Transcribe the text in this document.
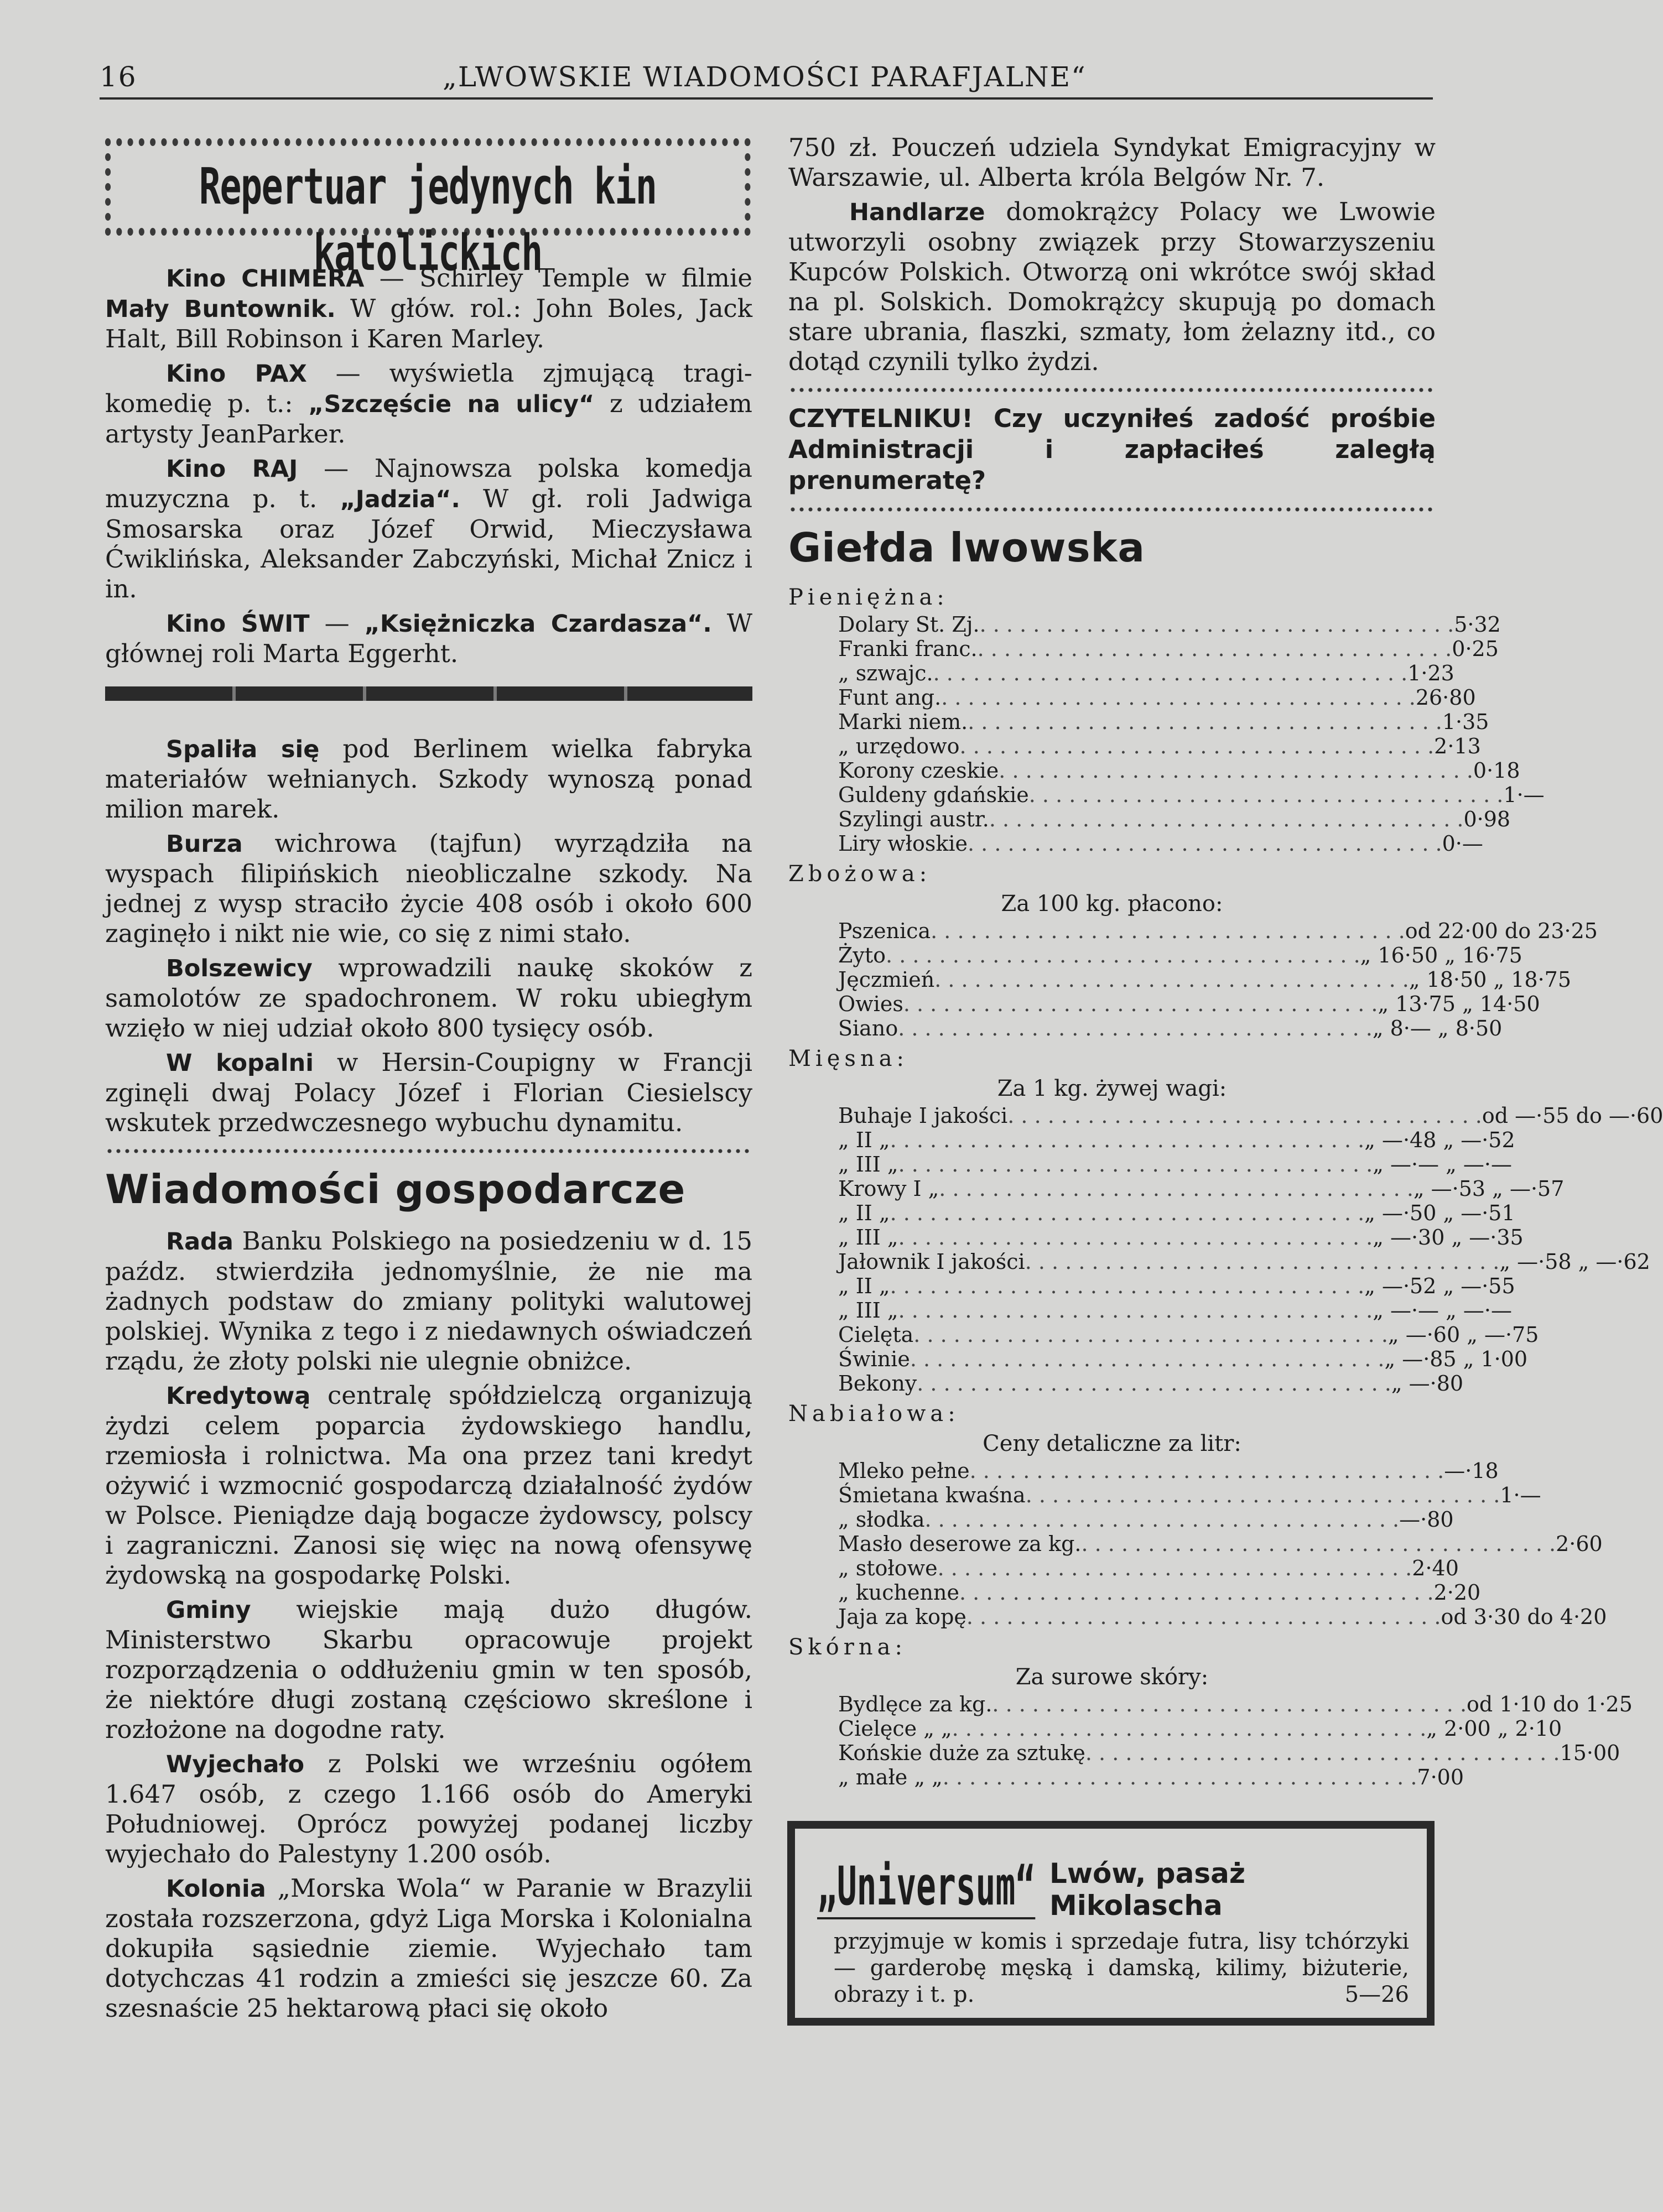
16	„LWOWSKIE WIADOMOŚCI PARAFJALNE“
Repertuar jedynych kin katolickich

Kino CHIMERA — Schirley Temple w filmie Mały Buntownik. W głów. rol.: John Boles, Jack Halt, Bill Robinson i Karen Marley.

Kino PAX — wyświetla zjmującą tragi-komedię p. t.: „Szczęście na ulicy“ z udziałem artysty JeanParker.

Kino RAJ — Najnowsza polska komedja muzyczna p. t. „Jadzia“. W gł. roli Jadwiga Smosarska oraz Józef Orwid, Mieczysława Ćwiklińska, Aleksander Zabczyński, Michał Znicz i in.

Kino ŚWIT — „Księżniczka Czardasza“. W głównej roli Marta Eggerht.

Spaliła się pod Berlinem wielka fabryka materiałów wełnianych. Szkody wynoszą ponad milion marek.

Burza wichrowa (tajfun) wyrządziła na wyspach filipińskich nieobliczalne szkody. Na jednej z wysp straciło życie 408 osób i około 600 zaginęło i nikt nie wie, co się z nimi stało.

Bolszewicy wprowadzili naukę skoków z samolotów ze spadochronem. W roku ubiegłym wzięło w niej udział około 800 tysięcy osób.

W kopalni w Hersin-Coupigny w Francji zginęli dwaj Polacy Józef i Florian Ciesielscy wskutek przedwczesnego wybuchu dynamitu.

Wiadomości gospodarcze

Rada Banku Polskiego na posiedzeniu w d. 15 paźdz. stwierdziła jednomyślnie, że nie ma żadnych podstaw do zmiany polityki walutowej polskiej. Wynika z tego i z niedawnych oświadczeń rządu, że złoty polski nie ulegnie obniżce.

Kredytową centralę spółdzielczą organizują żydzi celem poparcia żydowskiego handlu, rzemiosła i rolnictwa. Ma ona przez tani kredyt ożywić i wzmocnić gospodarczą działalność żydów w Polsce. Pieniądze dają bogacze żydowscy, polscy i zagraniczni. Zanosi się więc na nową ofensywę żydowską na gospodarkę Polski.

Gminy wiejskie mają dużo długów. Ministerstwo Skarbu opracowuje projekt rozporządzenia o oddłużeniu gmin w ten sposób, że niektóre długi zostaną częściowo skreślone i rozłożone na dogodne raty.

Wyjechało z Polski we wrześniu ogółem 1.647 osób, z czego 1.166 osób do Ameryki Południowej. Oprócz powyżej podanej liczby wyjechało do Palestyny 1.200 osób.

Kolonia „Morska Wola“ w Paranie w Brazylii została rozszerzona, gdyż Liga Morska i Kolonialna dokupiła sąsiednie ziemie. Wyjechało tam dotychczas 41 rodzin a zmieści się jeszcze 60. Za szesnaście 25 hektarową płaci się około

750 zł. Pouczeń udziela Syndykat Emigracyjny w Warszawie, ul. Alberta króla Belgów Nr. 7.

Handlarze domokrążcy Polacy we Lwowie utworzyli osobny związek przy Stowarzyszeniu Kupców Polskich. Otworzą oni wkrótce swój skład na pl. Solskich. Domokrążcy skupują po domach stare ubrania, flaszki, szmaty, łom żelazny itd., co dotąd czynili tylko żydzi.

CZYTELNIKU! Czy uczyniłeś zadość prośbie Administracji i zapłaciłeś zaległą prenumeratę?

Giełda lwowska
Pieniężna:
Dolary St. Zj. . . . . . . . . . . . . . . . . . . . . . . . . . . . . . . . . . . . . 5·32
Franki franc. . . . . . . . . . . . . . . . . . . . . . . . . . . . . . . . . . . . . 0·25
„ szwajc. . . . . . . . . . . . . . . . . . . . . . . . . . . . . . . . . . . . . 1·23
Funt ang. . . . . . . . . . . . . . . . . . . . . . . . . . . . . . . . . . . . . 26·80
Marki niem. . . . . . . . . . . . . . . . . . . . . . . . . . . . . . . . . . . . . 1·35
„ urzędowo . . . . . . . . . . . . . . . . . . . . . . . . . . . . . . . . . . . . 2·13
Korony czeskie . . . . . . . . . . . . . . . . . . . . . . . . . . . . . . . . . . . . 0·18
Guldeny gdańskie . . . . . . . . . . . . . . . . . . . . . . . . . . . . . . . . . . . . 1·—
Szylingi austr. . . . . . . . . . . . . . . . . . . . . . . . . . . . . . . . . . . . . 0·98
Liry włoskie . . . . . . . . . . . . . . . . . . . . . . . . . . . . . . . . . . . . 0·—
Zbożowa:
Za 100 kg. płacono:
Pszenica . . . . . . . . . . . . . . . . . . . . . . . . . . . . . . . . . . . . od 22·00 do 23·25
Żyto . . . . . . . . . . . . . . . . . . . . . . . . . . . . . . . . . . . . „ 16·50 „ 16·75
Jęczmień . . . . . . . . . . . . . . . . . . . . . . . . . . . . . . . . . . . . „ 18·50 „ 18·75
Owies . . . . . . . . . . . . . . . . . . . . . . . . . . . . . . . . . . . . „ 13·75 „ 14·50
Siano . . . . . . . . . . . . . . . . . . . . . . . . . . . . . . . . . . . . „ 8·— „ 8·50
Mięsna:
Za 1 kg. żywej wagi:
Buhaje I jakości . . . . . . . . . . . . . . . . . . . . . . . . . . . . . . . . . . . . od —·55 do —·60
„ II „ . . . . . . . . . . . . . . . . . . . . . . . . . . . . . . . . . . . . „ —·48 „ —·52
„ III „ . . . . . . . . . . . . . . . . . . . . . . . . . . . . . . . . . . . . „ —·— „ —·—
Krowy I „ . . . . . . . . . . . . . . . . . . . . . . . . . . . . . . . . . . . . „ —·53 „ —·57
„ II „ . . . . . . . . . . . . . . . . . . . . . . . . . . . . . . . . . . . . „ —·50 „ —·51
„ III „ . . . . . . . . . . . . . . . . . . . . . . . . . . . . . . . . . . . . „ —·30 „ —·35
Jałownik I jakości . . . . . . . . . . . . . . . . . . . . . . . . . . . . . . . . . . . . „ —·58 „ —·62
„ II „ . . . . . . . . . . . . . . . . . . . . . . . . . . . . . . . . . . . . „ —·52 „ —·55
„ III „ . . . . . . . . . . . . . . . . . . . . . . . . . . . . . . . . . . . . „ —·— „ —·—
Cielęta . . . . . . . . . . . . . . . . . . . . . . . . . . . . . . . . . . . . „ —·60 „ —·75
Świnie . . . . . . . . . . . . . . . . . . . . . . . . . . . . . . . . . . . . „ —·85 „ 1·00
Bekony . . . . . . . . . . . . . . . . . . . . . . . . . . . . . . . . . . . . „ —·80
Nabiałowa:
Ceny detaliczne za litr:
Mleko pełne . . . . . . . . . . . . . . . . . . . . . . . . . . . . . . . . . . . . —·18
Śmietana kwaśna . . . . . . . . . . . . . . . . . . . . . . . . . . . . . . . . . . . . 1·—
„ słodka . . . . . . . . . . . . . . . . . . . . . . . . . . . . . . . . . . . . —·80
Masło deserowe za kg. . . . . . . . . . . . . . . . . . . . . . . . . . . . . . . . . . . . . 2·60
„ stołowe . . . . . . . . . . . . . . . . . . . . . . . . . . . . . . . . . . . . 2·40
„ kuchenne . . . . . . . . . . . . . . . . . . . . . . . . . . . . . . . . . . . . 2·20
Jaja za kopę . . . . . . . . . . . . . . . . . . . . . . . . . . . . . . . . . . . . od 3·30 do 4·20
Skórna:
Za surowe skóry:
Bydlęce za kg. . . . . . . . . . . . . . . . . . . . . . . . . . . . . . . . . . . . . od 1·10 do 1·25
Cielęce „ „ . . . . . . . . . . . . . . . . . . . . . . . . . . . . . . . . . . . . „ 2·00 „ 2·10
Końskie duże za sztukę . . . . . . . . . . . . . . . . . . . . . . . . . . . . . . . . . . . . 15·00
„ małe „ „ . . . . . . . . . . . . . . . . . . . . . . . . . . . . . . . . . . . . 7·00
„Universum“ Lwów, pasaż Mikolascha
przyjmuje w komis i sprzedaje futra, lisy tchórzyki — garderobę męską i damską, kilimy, biżuterie, obrazy i t. p.	5—26
